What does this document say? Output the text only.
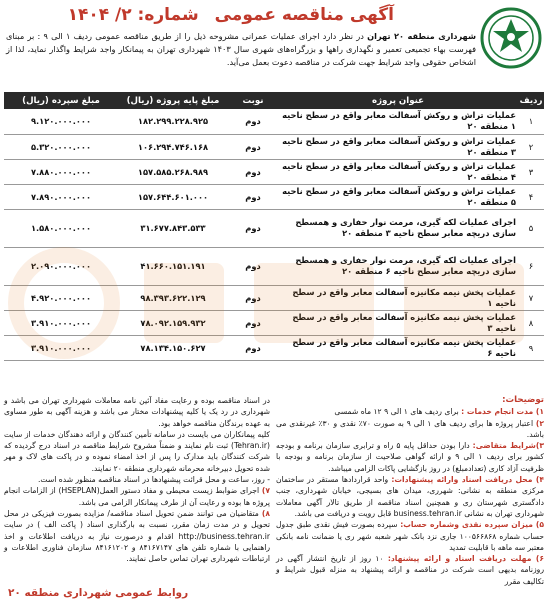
آگهی مناقصه عمومی شماره: ۲/ ۱۴۰۴
شهرداری منطقه ۲۰ تهران در نظر دارد اجرای عملیات عمرانی مشروحه ذیل را از طریق مناقصه عمومی ردیف ۱ الی ۹ : بر مبنای فهرست بهاء تجمیعی تعمیر و نگهداری راهها و بزرگراه‌های شهری سال ۱۴۰۳ شهرداری تهران به پیمانکار واجد شرایط واگذار نماید، لذا از اشخاص حقوقی واجد شرایط جهت شرکت در مناقصه دعوت بعمل می‌آید.
ردیف	عنوان پروژه	نوبت	مبلغ پایه پروژه (ریال)	مبلغ سپرده (ریال)
۱	عملیات تراش و روکش آسفالت معابر واقع در سطح ناحیه ۱ منطقه ۲۰	دوم	۱۸۲.۲۹۹.۲۲۸.۹۲۵	۹.۱۲۰.۰۰۰.۰۰۰
۲	عملیات تراش و روکش آسفالت معابر واقع در سطح ناحیه ۳ منطقه ۲۰	دوم	۱۰۶.۲۹۴.۷۴۶.۱۶۸	۵.۳۲۰.۰۰۰.۰۰۰
۳	عملیات تراش و روکش آسفالت معابر واقع در سطح ناحیه ۴ منطقه ۲۰	دوم	۱۵۷.۵۸۵.۲۶۸.۹۸۹	۷.۸۸۰.۰۰۰.۰۰۰
۴	عملیات تراش و روکش آسفالت معابر واقع در سطح ناحیه ۵ منطقه ۲۰	دوم	۱۵۷.۶۴۴.۶۰۱.۰۰۰	۷.۸۹۰.۰۰۰.۰۰۰
۵	اجرای عملیات لکه گیری، مرمت نوار حفاری و همسطح سازی دریچه معابر سطح ناحیه ۳ منطقه ۲۰	دوم	۳۱.۶۷۷.۸۴۳.۵۳۳	۱.۵۸۰.۰۰۰.۰۰۰
۶	اجرای عملیات لکه گیری، مرمت نوار حفاری و همسطح سازی دریچه معابر سطح ناحیه ۶ منطقه ۲۰	دوم	۴۱.۶۶۰.۱۵۱.۱۹۱	۲.۰۹۰.۰۰۰.۰۰۰
۷	عملیات پخش نیمه مکانیزه آسفالت معابر واقع در سطح ناحیه ۱	دوم	۹۸.۳۹۳.۶۲۲.۱۲۹	۴.۹۲۰.۰۰۰.۰۰۰
۸	عملیات پخش نیمه مکانیزه آسفالت معابر واقع در سطح ناحیه ۳	دوم	۷۸.۰۹۲.۱۵۹.۹۳۲	۳.۹۱۰.۰۰۰.۰۰۰
۹	عملیات پخش نیمه مکانیزه آسفالت معابر واقع در سطح ناحیه ۶	دوم	۷۸.۱۳۴.۱۵۰.۶۲۷	۳.۹۱۰.۰۰۰.۰۰۰
توضیحات:
۱) مدت انجام خدمات : برای ردیف های ۱ الی ۹ ۱۲ ماه شمسی
۲) اعتبار پروژه ها برای ردیف های ۱ الی ۹ به صورت ۷۰٪ نقدی و ۳۰٪ غیرنقدی می باشد.
۳)شرایط متقاضی: دارا بودن حداقل پایه ۵ راه و ترابری سازمان برنامه و بودجه کشور برای ردیف ۱ الی ۹ و ارائه گواهی صلاحیت از سازمان برنامه و بودجه با ظرفیت آزاد کاری (تعدادمبلغ) در روز بازگشایی پاکات الزامی میباشد.
۴) محل دریافت اسناد وارائه پیشنهادات: واحد قراردادها مستقر در ساختمان مرکزی منطقه به نشانی: شهرری، میدان های بسیجی، خیابان شهرداری، جنب دادگستری شهرستان ری و همچنین اسناد مناقصه از طریق تالار آگهی معاملات شهرداری تهران به نشانی business.tehran.ir قابل رویت و دریافت می باشد.
۵) میزان سپرده نقدی وشماره حساب: سپرده بصورت فیش نقدی طبق جدول حساب شماره ۱۰۰۵۶۶۸۶۸ جاری نزد بانک شهر شعبه شهر ری یا ضمانت نامه بانکی معتبر سه ماهه با قابلیت تمدید
۶) مهلت دریافت اسناد و ارائه پیشنهاد: ۱۰ روز از تاریخ انتشار آگهی در روزنامه بدیهی است شرکت در مناقصه و ارائه پیشنهاد به منزله قبول شرایط و تکالیف مقرر
در اسناد مناقصه بوده و رعایت مفاد آئین نامه معاملات شهرداری تهران می باشد و شهرداری در رد یک یا کلیه پیشنهادات مختار می باشد و هزینه آگهی به طور مساوی به عهده برندگان مناقصه خواهد بود.
کلیه پیمانکاران می بایست در سامانه تأمین کنندگان و ارائه دهندگان خدمات از سایت (Tehran.ir) ثبت نام نمایند و ضمناً مشروح شرایط مناقصه در اسناد درج گردیده که شرکت کنندگان باید مدارک را پس از اخذ امضاء نموده و در پاکت های لاک و مهر شده تحویل دبیرخانه محرمانه شهرداری منطقه ۲۰ نمایند.
- روز، ساعت و محل قرائت پیشنهادها در اسناد مناقصه منظور شده است.
۷) اجرای ضوابط زیست محیطی و مفاد دستور العمل(HSEPLAN) از الزامات انجام پروژه ها بوده و رعایت آن از طرف پیمانکار الزامی می باشد.
۸) متقاضیان می توانند ضمن تحویل اسناد مناقصه/ مزایده بصورت فیزیکی در محل تحویل و در مدت زمان مقرر، نسبت به بارگذاری اسناد ( پاکت الف ) در سایت http://business.tehran.ir اقدام و درصورت نیاز به دریافت اطلاعات و اخذ راهنمایی با شماره تلفن های ۸۴۱۶۷۱۴۷ و ۸۴۱۶۱۲۰۲ سازمان فناوری اطلاعات و ارتباطات شهرداری تهران تماس حاصل نمایند.
روابط عمومی شهرداری منطقه ۲۰
